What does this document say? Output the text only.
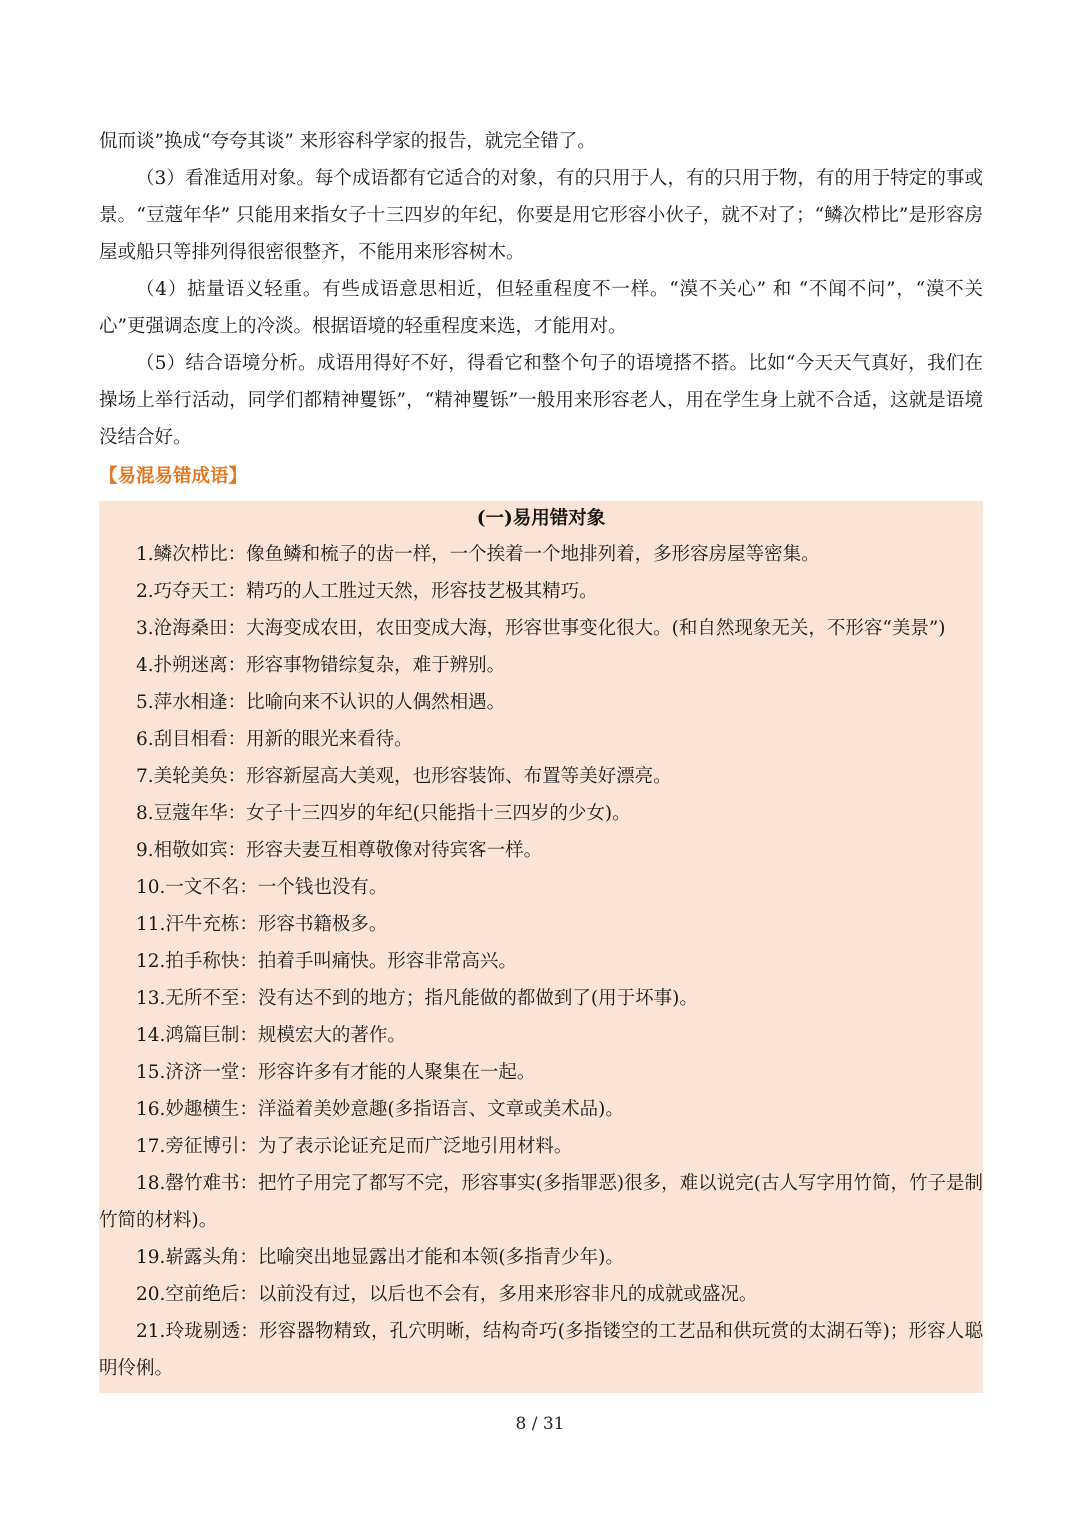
侃而谈”换成“夸夸其谈” 来形容科学家的报告，就完全错了。

（3）看准适用对象。每个成语都有它适合的对象，有的只用于人，有的只用于物，有的用于特定的事或景。“豆蔻年华” 只能用来指女子十三四岁的年纪，你要是用它形容小伙子，就不对了；“鳞次栉比”是形容房屋或船只等排列得很密很整齐，不能用来形容树木。

（4）掂量语义轻重。有些成语意思相近，但轻重程度不一样。“漠不关心” 和 “不闻不问”，“漠不关心”更强调态度上的冷淡。根据语境的轻重程度来选，才能用对。

（5）结合语境分析。成语用得好不好，得看它和整个句子的语境搭不搭。比如“今天天气真好，我们在操场上举行活动，同学们都精神矍铄”，“精神矍铄”一般用来形容老人，用在学生身上就不合适，这就是语境没结合好。

【易混易错成语】
(一)易用错对象

1.鳞次栉比：像鱼鳞和梳子的齿一样，一个挨着一个地排列着，多形容房屋等密集。

2.巧夺天工：精巧的人工胜过天然，形容技艺极其精巧。

3.沧海桑田：大海变成农田，农田变成大海，形容世事变化很大。(和自然现象无关，不形容“美景”)

4.扑朔迷离：形容事物错综复杂，难于辨别。

5.萍水相逢：比喻向来不认识的人偶然相遇。

6.刮目相看：用新的眼光来看待。

7.美轮美奂：形容新屋高大美观，也形容装饰、布置等美好漂亮。

8.豆蔻年华：女子十三四岁的年纪(只能指十三四岁的少女)。

9.相敬如宾：形容夫妻互相尊敬像对待宾客一样。

10.一文不名：一个钱也没有。

11.汗牛充栋：形容书籍极多。

12.拍手称快：拍着手叫痛快。形容非常高兴。

13.无所不至：没有达不到的地方；指凡能做的都做到了(用于坏事)。

14.鸿篇巨制：规模宏大的著作。

15.济济一堂：形容许多有才能的人聚集在一起。

16.妙趣横生：洋溢着美妙意趣(多指语言、文章或美术品)。

17.旁征博引：为了表示论证充足而广泛地引用材料。

18.罄竹难书：把竹子用完了都写不完，形容事实(多指罪恶)很多，难以说完(古人写字用竹简，竹子是制竹简的材料)。

19.崭露头角：比喻突出地显露出才能和本领(多指青少年)。

20.空前绝后：以前没有过，以后也不会有，多用来形容非凡的成就或盛况。

21.玲珑剔透：形容器物精致，孔穴明晰，结构奇巧(多指镂空的工艺品和供玩赏的太湖石等)；形容人聪明伶俐。

8 / 31
